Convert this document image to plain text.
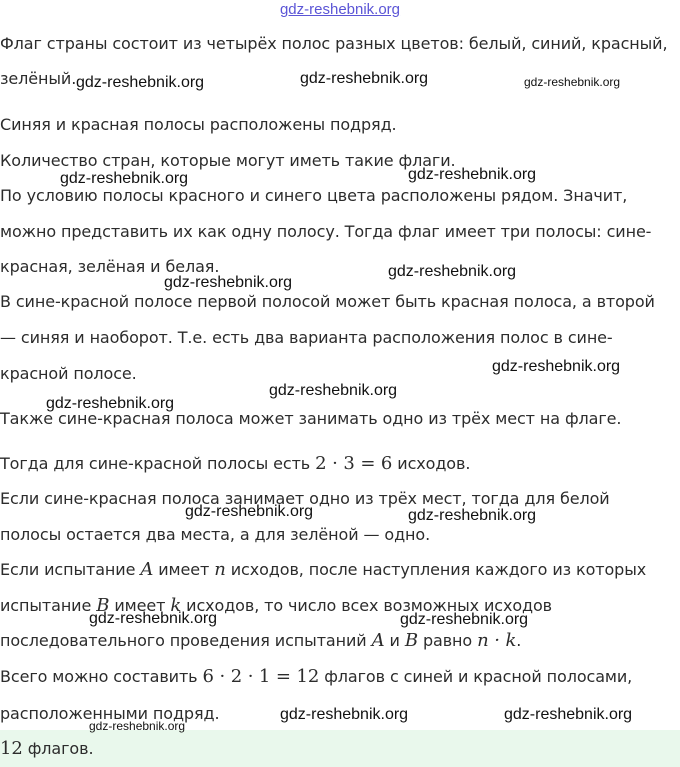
gdz-reshebnik.org
Флаг страны состоит из четырёх полос разных цветов: белый, синий, красный,
зелёный.
Синяя и красная полосы расположены подряд.
Количество стран, которые могут иметь такие флаги.
По условию полосы красного и синего цвета расположены рядом. Значит,
можно представить их как одну полосу. Тогда флаг имеет три полосы: сине-
красная, зелёная и белая.
В сине-красной полосе первой полосой может быть красная полоса, а второй
— синяя и наоборот. Т.е. есть два варианта расположения полос в сине-
красной полосе.
Также сине-красная полоса может занимать одно из трёх мест на флаге.
Тогда для сине-красной полосы есть 2 · 3 = 6 исходов.
Если сине-красная полоса занимает одно из трёх мест, тогда для белой
полосы остается два места, а для зелёной — одно.
Если испытание A имеет n исходов, после наступления каждого из которых
испытание B имеет k исходов, то число всех возможных исходов
последовательного проведения испытаний A и B равно n · k.
Всего можно составить 6 · 2 · 1 = 12 флагов с синей и красной полосами,
расположенными подряд.
12 флагов.
gdz-reshebnik.org	gdz-reshebnik.org	gdz-reshebnik.org
gdz-reshebnik.org	gdz-reshebnik.org
gdz-reshebnik.org
gdz-reshebnik.org
gdz-reshebnik.org
gdz-reshebnik.org
gdz-reshebnik.org
gdz-reshebnik.org	gdz-reshebnik.org
gdz-reshebnik.org	gdz-reshebnik.org
gdz-reshebnik.org	gdz-reshebnik.org
gdz-reshebnik.org
